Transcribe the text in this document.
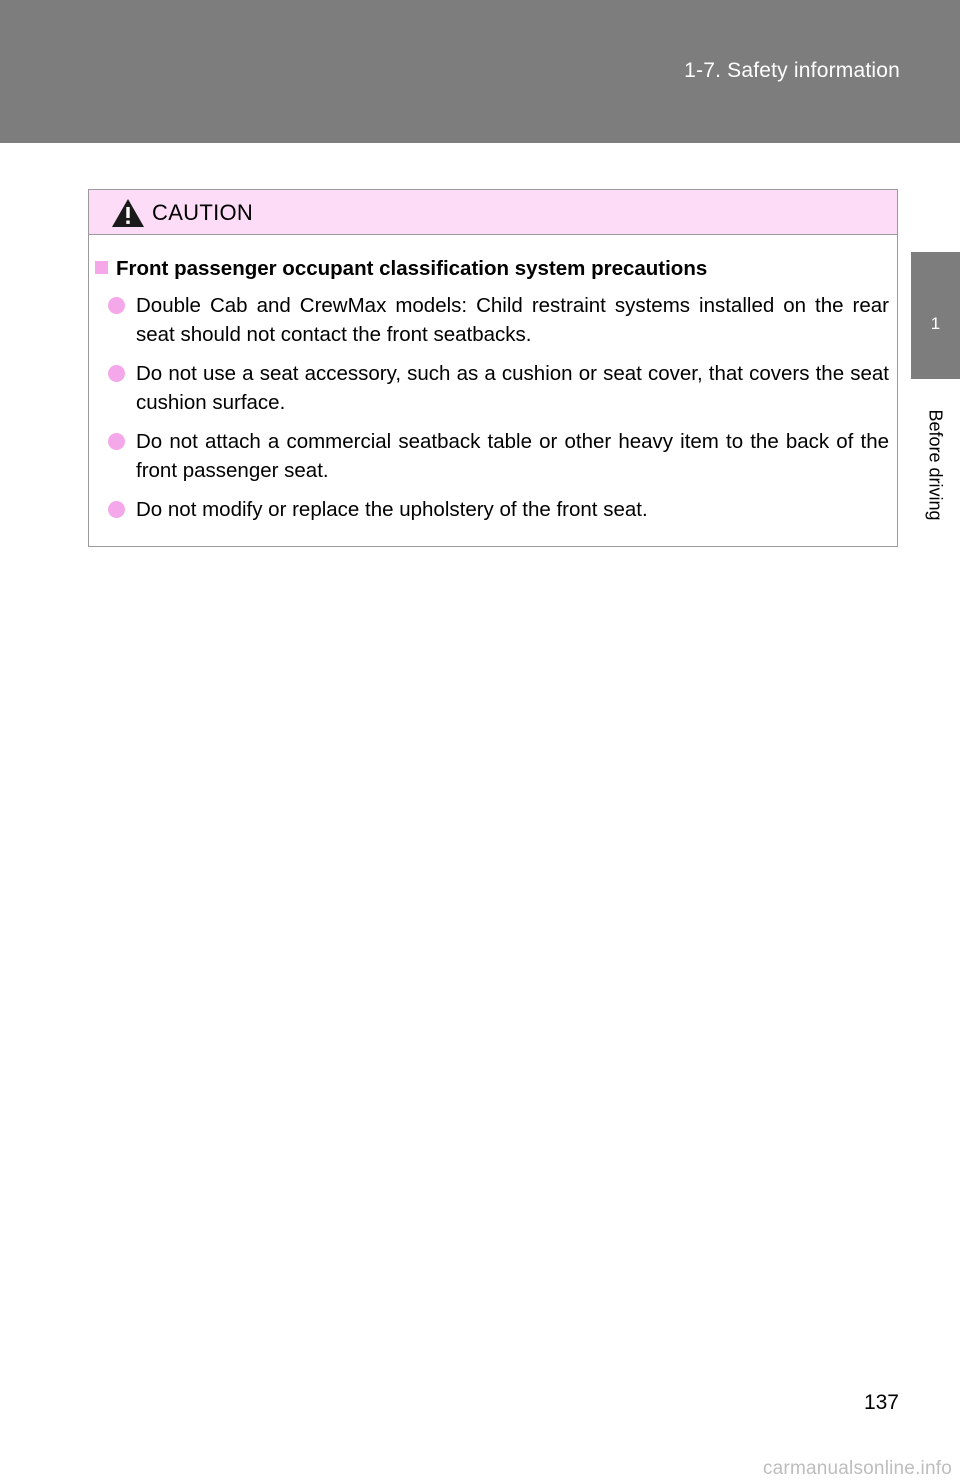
1-7. Safety information
1
Before driving
CAUTION
Front passenger occupant classification system precautions
Double Cab and CrewMax models: Child restraint systems installed on the rear seat should not contact the front seatbacks.
Do not use a seat accessory, such as a cushion or seat cover, that covers the seat cushion surface.
Do not attach a commercial seatback table or other heavy item to the back of the front passenger seat.
Do not modify or replace the upholstery of the front seat.
137
carmanualsonline.info
